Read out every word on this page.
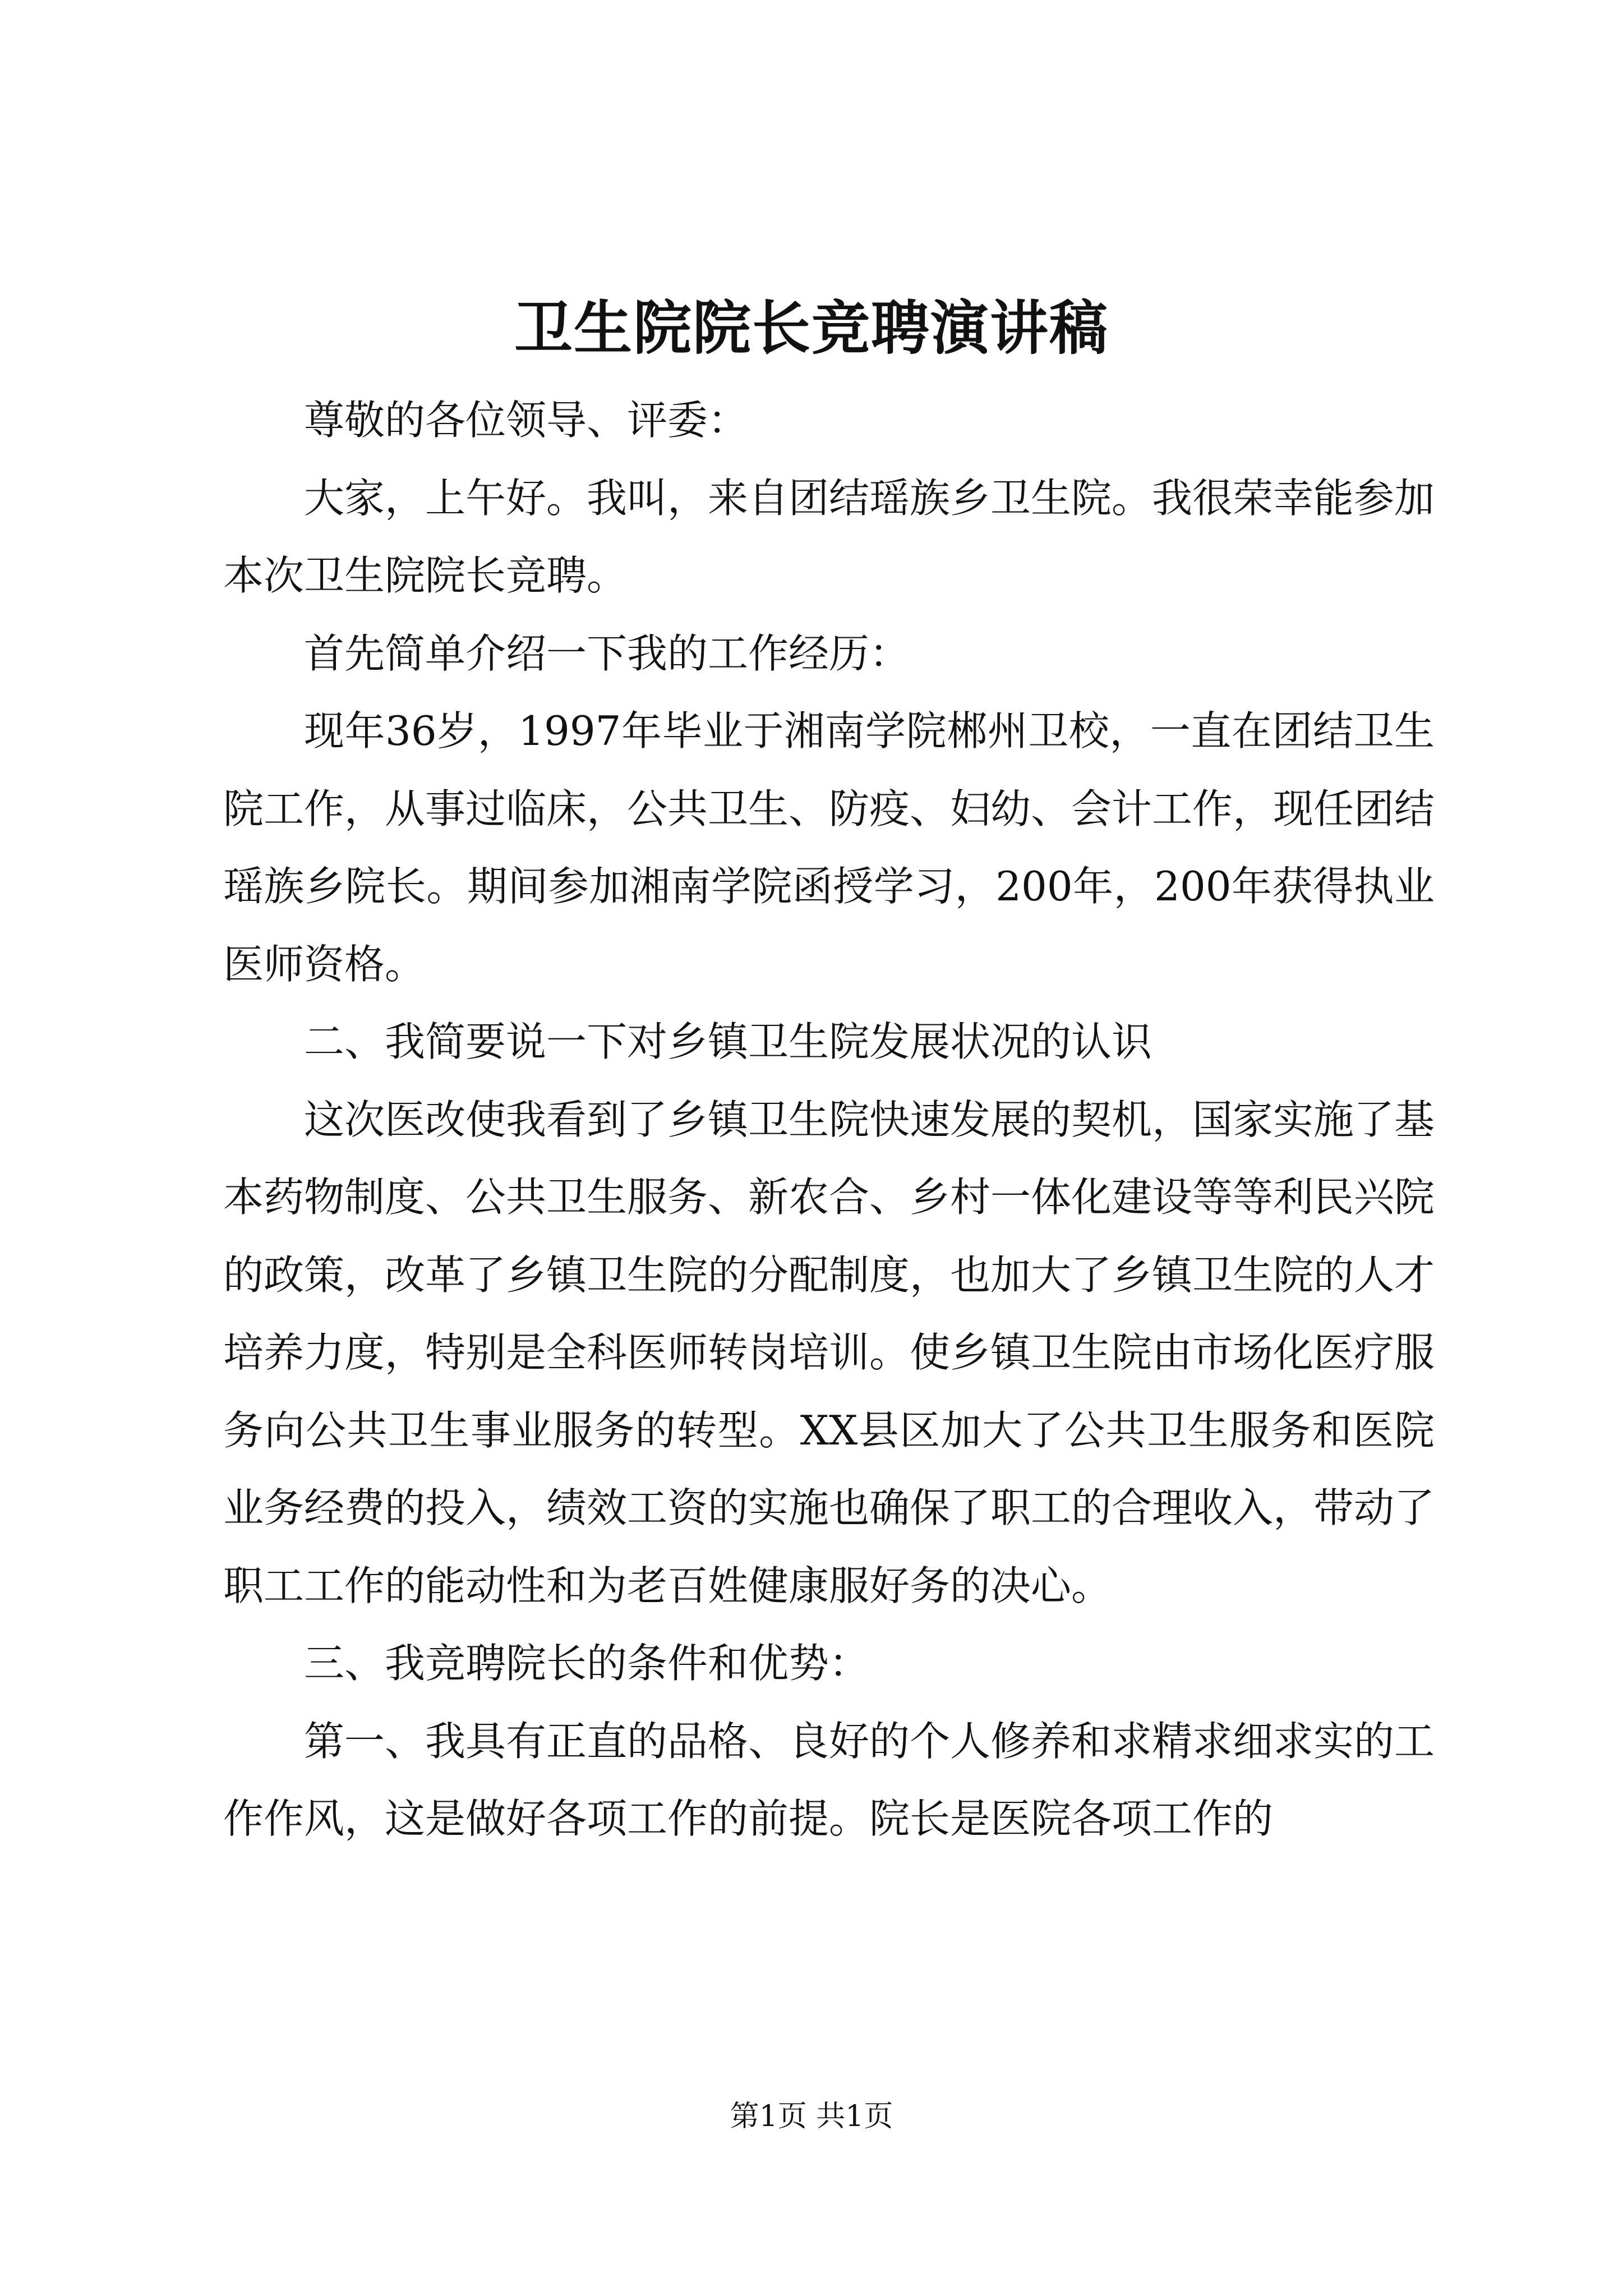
卫生院院长竞聘演讲稿

尊敬的各位领导、评委：

大家，上午好。我叫，来自团结瑶族乡卫生院。我很荣幸能参加本次卫生院院长竞聘。

首先简单介绍一下我的工作经历：

现年36岁，1997年毕业于湘南学院郴州卫校，一直在团结卫生院工作，从事过临床，公共卫生、防疫、妇幼、会计工作，现任团结瑶族乡院长。期间参加湘南学院函授学习，200年，200年获得执业医师资格。

二、我简要说一下对乡镇卫生院发展状况的认识

这次医改使我看到了乡镇卫生院快速发展的契机，国家实施了基本药物制度、公共卫生服务、新农合、乡村一体化建设等等利民兴院的政策，改革了乡镇卫生院的分配制度，也加大了乡镇卫生院的人才培养力度，特别是全科医师转岗培训。使乡镇卫生院由市场化医疗服务向公共卫生事业服务的转型。XX县区加大了公共卫生服务和医院业务经费的投入，绩效工资的实施也确保了职工的合理收入，带动了职工工作的能动性和为老百姓健康服好务的决心。

三、我竞聘院长的条件和优势：

第一、我具有正直的品格、良好的个人修养和求精求细求实的工作作风，这是做好各项工作的前提。院长是医院各项工作的

第1页 共1页
